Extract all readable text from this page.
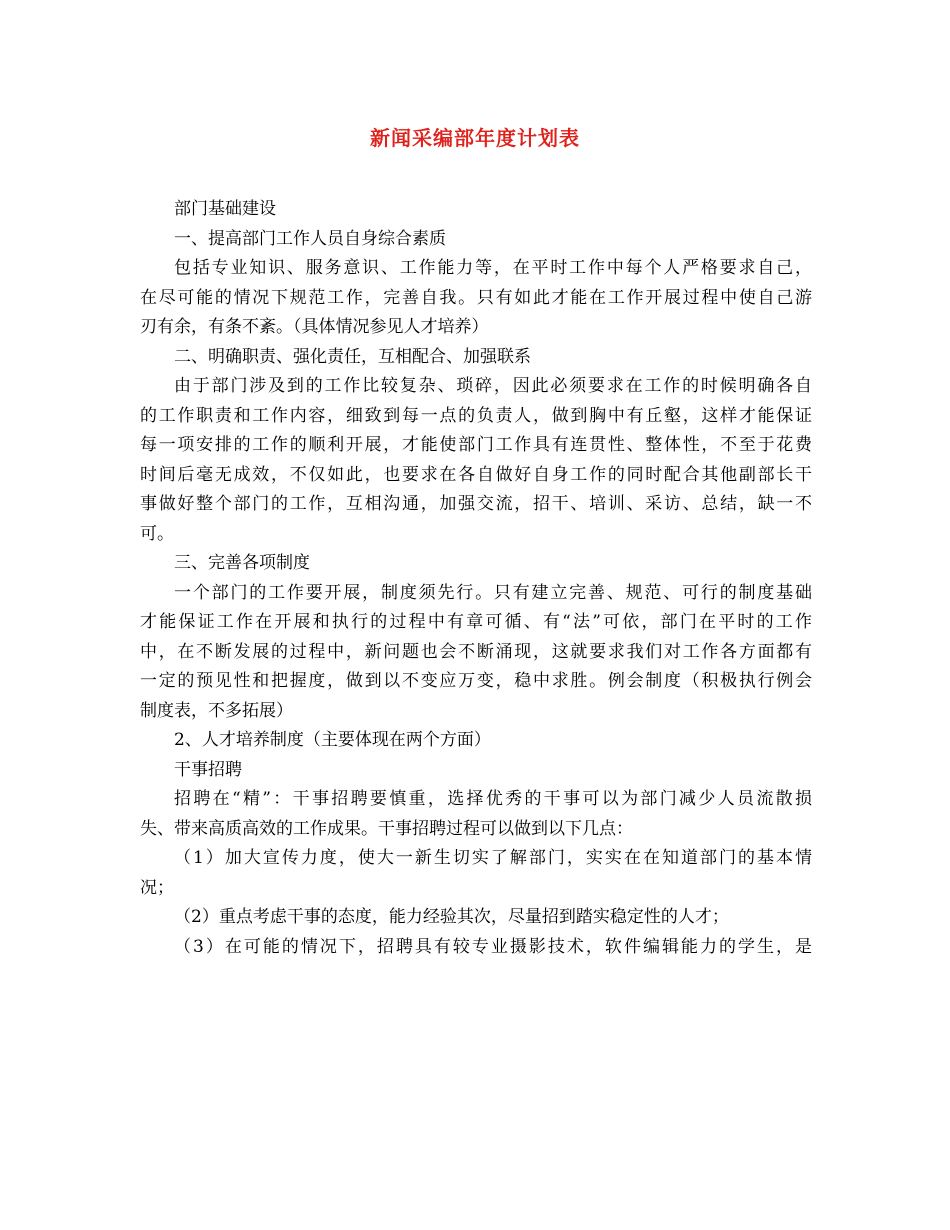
新闻采编部年度计划表
部门基础建设
一、提高部门工作人员自身综合素质
包括专业知识、服务意识、工作能力等，在平时工作中每个人严格要求自己，
在尽可能的情况下规范工作，完善自我。只有如此才能在工作开展过程中使自己游
刃有余，有条不紊。（具体情况参见人才培养）
二、明确职责、强化责任，互相配合、加强联系
由于部门涉及到的工作比较复杂、琐碎，因此必须要求在工作的时候明确各自
的工作职责和工作内容，细致到每一点的负责人，做到胸中有丘壑，这样才能保证
每一项安排的工作的顺利开展，才能使部门工作具有连贯性、整体性，不至于花费
时间后毫无成效，不仅如此，也要求在各自做好自身工作的同时配合其他副部长干
事做好整个部门的工作，互相沟通，加强交流，招干、培训、采访、总结，缺一不
可。
三、完善各项制度
一个部门的工作要开展，制度须先行。只有建立完善、规范、可行的制度基础
才能保证工作在开展和执行的过程中有章可循、有“法”可依，部门在平时的工作
中，在不断发展的过程中，新问题也会不断涌现，这就要求我们对工作各方面都有
一定的预见性和把握度，做到以不变应万变，稳中求胜。例会制度（积极执行例会
制度表，不多拓展）
2、人才培养制度（主要体现在两个方面）
干事招聘
招聘在“精”：干事招聘要慎重，选择优秀的干事可以为部门减少人员流散损
失、带来高质高效的工作成果。干事招聘过程可以做到以下几点：
（1）加大宣传力度，使大一新生切实了解部门，实实在在知道部门的基本情
况；
（2）重点考虑干事的态度，能力经验其次，尽量招到踏实稳定性的人才；
（3）在可能的情况下，招聘具有较专业摄影技术，软件编辑能力的学生，是
